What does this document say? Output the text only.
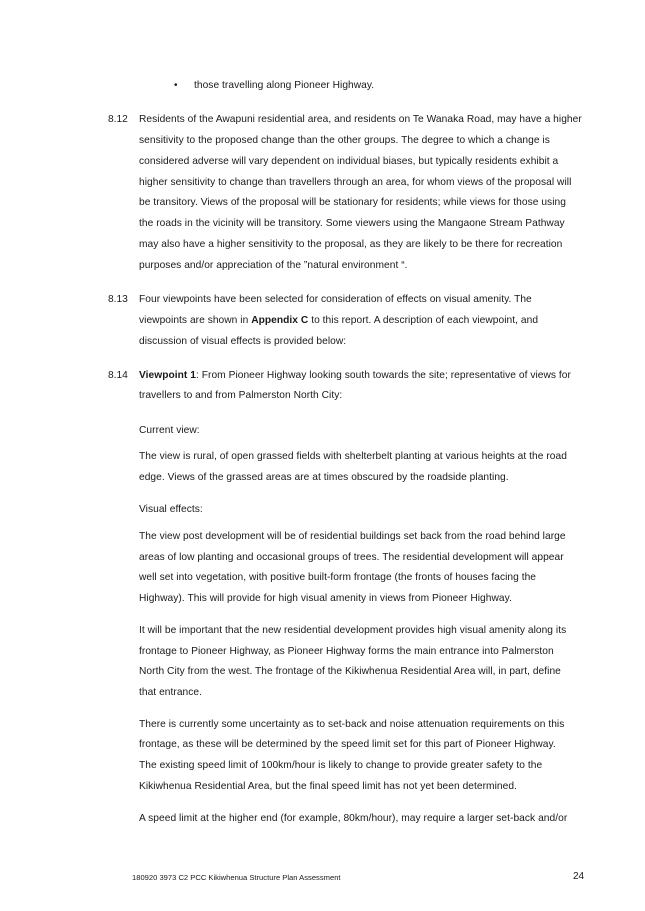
• those travelling along Pioneer Highway.
8.12 Residents of the Awapuni residential area, and residents on Te Wanaka Road, may have a higher
sensitivity to the proposed change than the other groups. The degree to which a change is
considered adverse will vary dependent on individual biases, but typically residents exhibit a
higher sensitivity to change than travellers through an area, for whom views of the proposal will
be transitory. Views of the proposal will be stationary for residents; while views for those using
the roads in the vicinity will be transitory. Some viewers using the Mangaone Stream Pathway
may also have a higher sensitivity to the proposal, as they are likely to be there for recreation
purposes and/or appreciation of the ”natural environment “.
8.13 Four viewpoints have been selected for consideration of effects on visual amenity. The
viewpoints are shown in Appendix C to this report. A description of each viewpoint, and
discussion of visual effects is provided below:
8.14 Viewpoint 1: From Pioneer Highway looking south towards the site; representative of views for
travellers to and from Palmerston North City:
Current view:
The view is rural, of open grassed fields with shelterbelt planting at various heights at the road
edge. Views of the grassed areas are at times obscured by the roadside planting.
Visual effects:
The view post development will be of residential buildings set back from the road behind large
areas of low planting and occasional groups of trees. The residential development will appear
well set into vegetation, with positive built-form frontage (the fronts of houses facing the
Highway). This will provide for high visual amenity in views from Pioneer Highway.
It will be important that the new residential development provides high visual amenity along its
frontage to Pioneer Highway, as Pioneer Highway forms the main entrance into Palmerston
North City from the west. The frontage of the Kikiwhenua Residential Area will, in part, define
that entrance.
There is currently some uncertainty as to set-back and noise attenuation requirements on this
frontage, as these will be determined by the speed limit set for this part of Pioneer Highway.
The existing speed limit of 100km/hour is likely to change to provide greater safety to the
Kikiwhenua Residential Area, but the final speed limit has not yet been determined.
A speed limit at the higher end (for example, 80km/hour), may require a larger set-back and/or
180920 3973 C2 PCC Kikiwhenua Structure Plan Assessment	24
